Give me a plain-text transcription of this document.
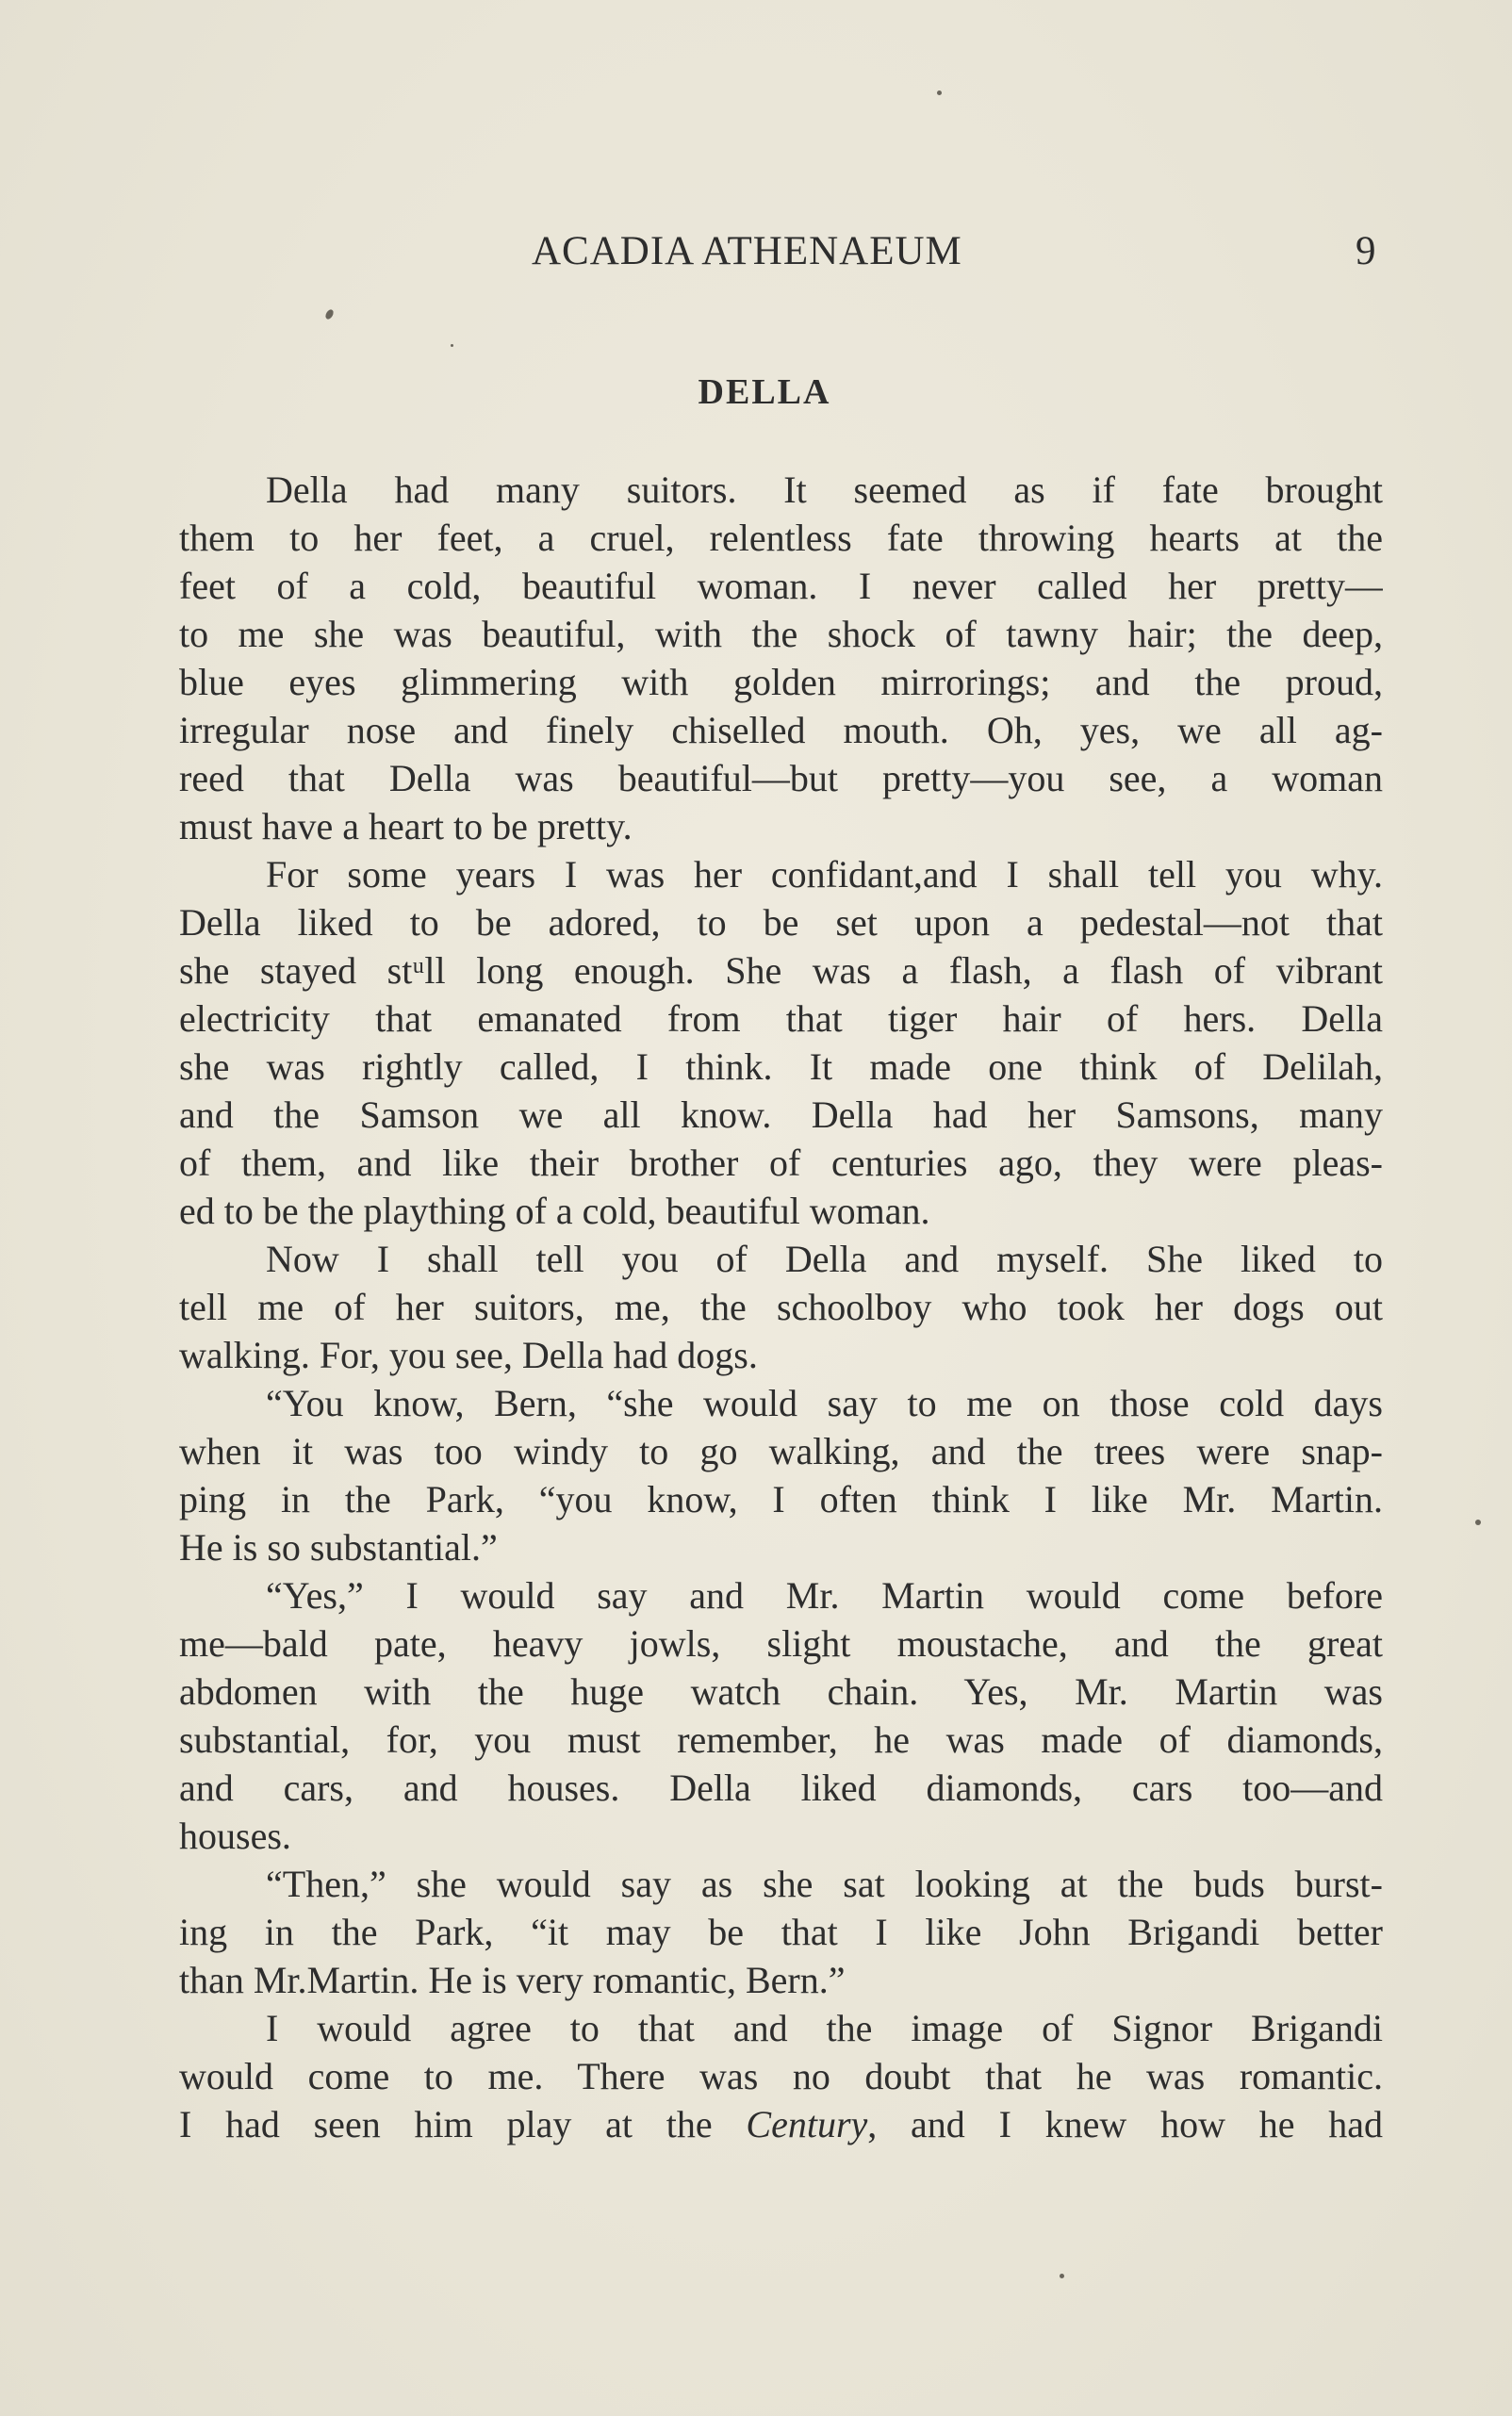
ACADIA ATHENAEUM	9
DELLA
Della had many suitors. It seemed as if fate brought
them to her feet, a cruel, relentless fate throwing hearts at the
feet of a cold, beautiful woman. I never called her pretty—
to me she was beautiful, with the shock of tawny hair; the deep,
blue eyes glimmering with golden mirrorings; and the proud,
irregular nose and finely chiselled mouth. Oh, yes, we all ag-
reed that Della was beautiful—but pretty—you see, a woman
must have a heart to be pretty.
For some years I was her confidant,and I shall tell you why.
Della liked to be adored, to be set upon a pedestal—not that
she stayed stᵘll long enough. She was a flash, a flash of vibrant
electricity that emanated from that tiger hair of hers. Della
she was rightly called, I think. It made one think of Delilah,
and the Samson we all know. Della had her Samsons, many
of them, and like their brother of centuries ago, they were pleas-
ed to be the plaything of a cold, beautiful woman.
Now I shall tell you of Della and myself. She liked to
tell me of her suitors, me, the schoolboy who took her dogs out
walking. For, you see, Della had dogs.
“You know, Bern, “she would say to me on those cold days
when it was too windy to go walking, and the trees were snap-
ping in the Park, “you know, I often think I like Mr. Martin.
He is so substantial.”
“Yes,” I would say and Mr. Martin would come before
me—bald pate, heavy jowls, slight moustache, and the great
abdomen with the huge watch chain. Yes, Mr. Martin was
substantial, for, you must remember, he was made of diamonds,
and cars, and houses. Della liked diamonds, cars too—and
houses.
“Then,” she would say as she sat looking at the buds burst-
ing in the Park, “it may be that I like John Brigandi better
than Mr.Martin. He is very romantic, Bern.”
I would agree to that and the image of Signor Brigandi
would come to me. There was no doubt that he was romantic.
I had seen him play at the Century, and I knew how he had
